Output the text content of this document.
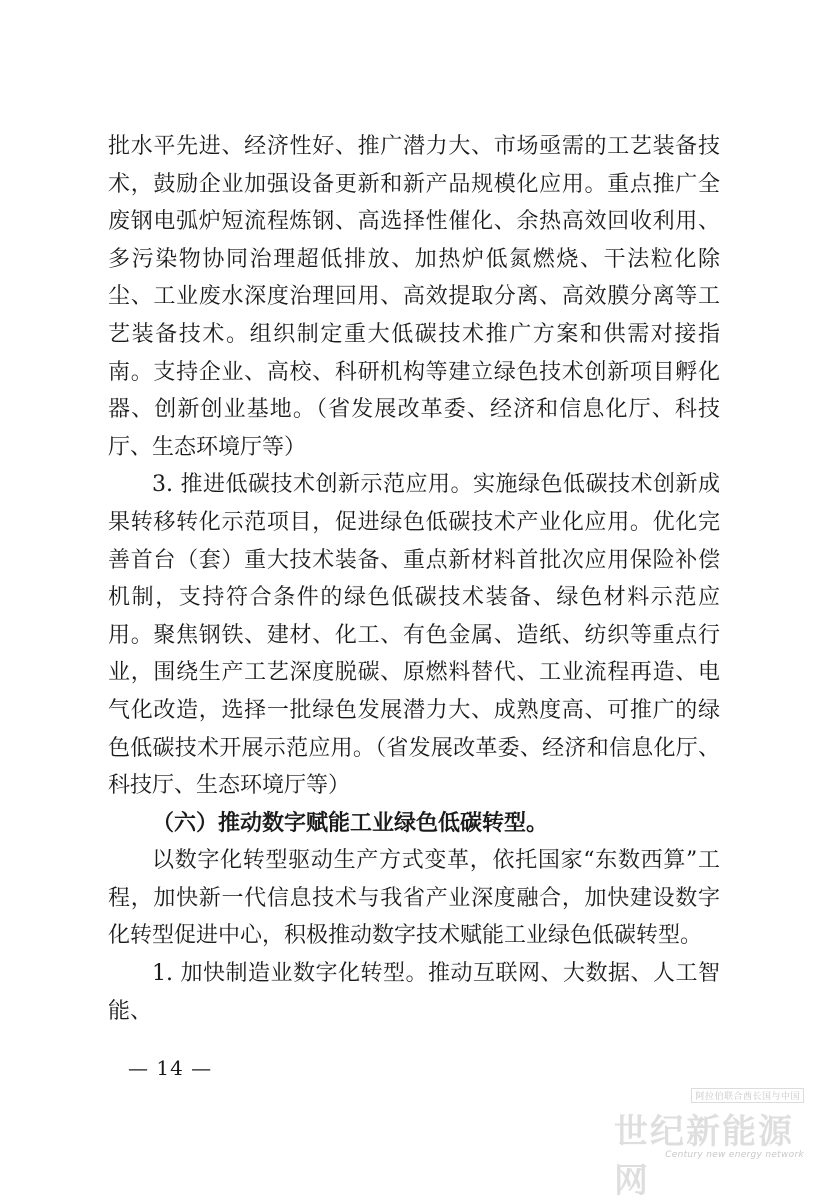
批水平先进、经济性好、推广潜力大、市场亟需的工艺装备技术，鼓励企业加强设备更新和新产品规模化应用。重点推广全废钢电弧炉短流程炼钢、高选择性催化、余热高效回收利用、多污染物协同治理超低排放、加热炉低氮燃烧、干法粒化除尘、工业废水深度治理回用、高效提取分离、高效膜分离等工艺装备技术。组织制定重大低碳技术推广方案和供需对接指南。支持企业、高校、科研机构等建立绿色技术创新项目孵化器、创新创业基地。（省发展改革委、经济和信息化厅、科技厅、生态环境厅等）

3. 推进低碳技术创新示范应用。实施绿色低碳技术创新成果转移转化示范项目，促进绿色低碳技术产业化应用。优化完善首台（套）重大技术装备、重点新材料首批次应用保险补偿机制，支持符合条件的绿色低碳技术装备、绿色材料示范应用。聚焦钢铁、建材、化工、有色金属、造纸、纺织等重点行业，围绕生产工艺深度脱碳、原燃料替代、工业流程再造、电气化改造，选择一批绿色发展潜力大、成熟度高、可推广的绿色低碳技术开展示范应用。（省发展改革委、经济和信息化厅、科技厅、生态环境厅等）

（六）推动数字赋能工业绿色低碳转型。

以数字化转型驱动生产方式变革，依托国家“东数西算”工程，加快新一代信息技术与我省产业深度融合，加快建设数字化转型促进中心，积极推动数字技术赋能工业绿色低碳转型。

1. 加快制造业数字化转型。推动互联网、大数据、人工智能、

— 14 —
阿拉伯联合酋长国与中国
世纪新能源网
Century new energy network
